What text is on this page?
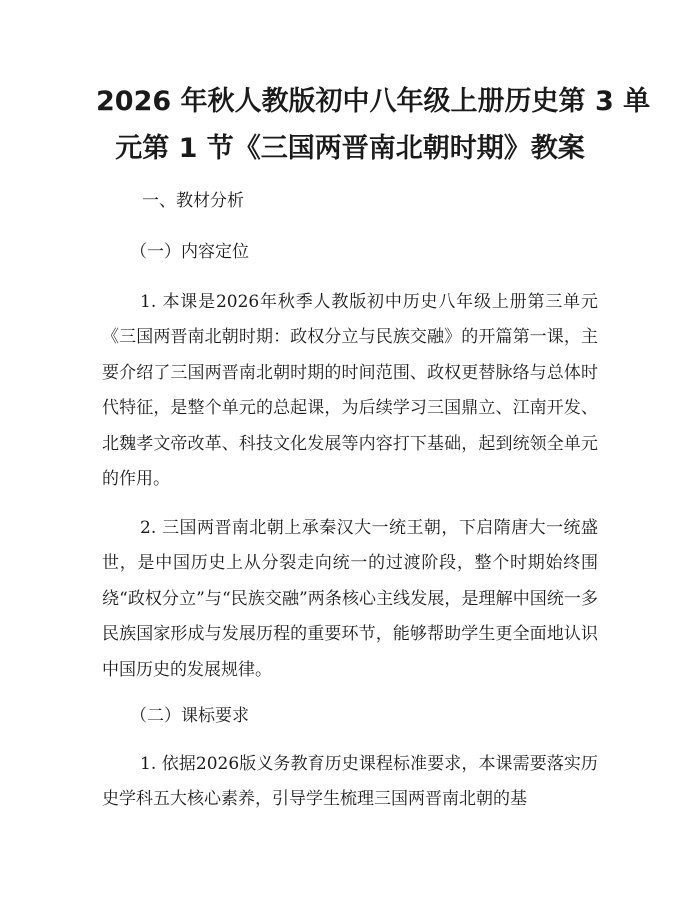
2026 年秋人教版初中八年级上册历史第 3 单
元第 1 节《三国两晋南北朝时期》教案

一、教材分析

（一）内容定位

1. 本课是2026年秋季人教版初中历史八年级上册第三单元《三国两晋南北朝时期：政权分立与民族交融》的开篇第一课，主要介绍了三国两晋南北朝时期的时间范围、政权更替脉络与总体时代特征，是整个单元的总起课，为后续学习三国鼎立、江南开发、北魏孝文帝改革、科技文化发展等内容打下基础，起到统领全单元的作用。

2. 三国两晋南北朝上承秦汉大一统王朝，下启隋唐大一统盛世，是中国历史上从分裂走向统一的过渡阶段，整个时期始终围绕“政权分立”与“民族交融”两条核心主线发展，是理解中国统一多民族国家形成与发展历程的重要环节，能够帮助学生更全面地认识中国历史的发展规律。

（二）课标要求

1. 依据2026版义务教育历史课程标准要求，本课需要落实历史学科五大核心素养，引导学生梳理三国两晋南北朝的基
